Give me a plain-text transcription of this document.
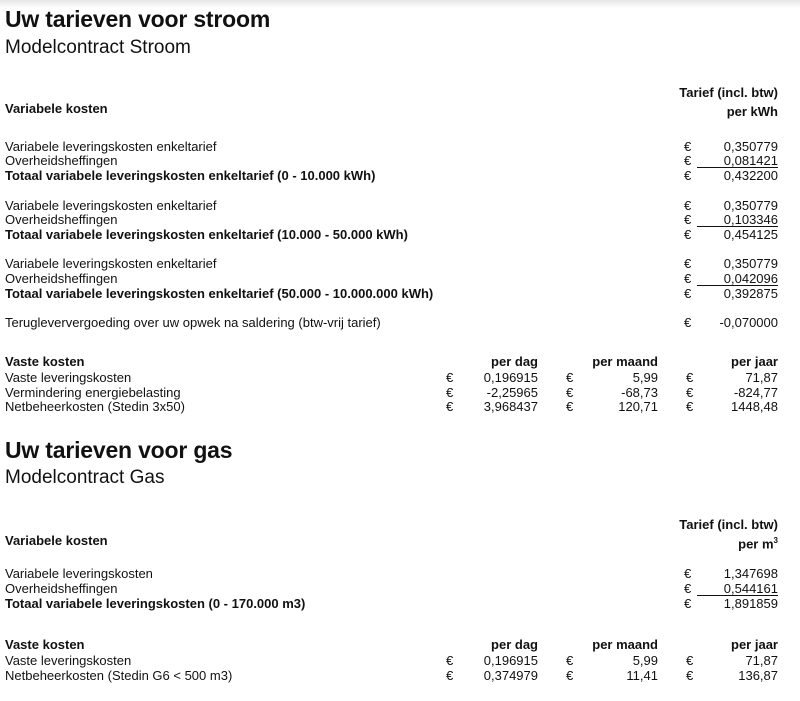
Uw tarieven voor stroom
Modelcontract Stroom
Tarief (incl. btw)
per kWh
Variabele kosten
Variabele leveringskosten enkeltarief	€	0,350779
Overheidsheffingen	€	0,081421
Totaal variabele leveringskosten enkeltarief (0 - 10.000 kWh)	€	0,432200
Variabele leveringskosten enkeltarief	€	0,350779
Overheidsheffingen	€	0,103346
Totaal variabele leveringskosten enkeltarief (10.000 - 50.000 kWh)	€	0,454125
Variabele leveringskosten enkeltarief	€	0,350779
Overheidsheffingen	€	0,042096
Totaal variabele leveringskosten enkeltarief (50.000 - 10.000.000 kWh)	€	0,392875
Terugleververgoeding over uw opwek na saldering (btw-vrij tarief)	€ -0,070000
Vaste kosten	per dag	per maand	per jaar
Vaste leveringskosten	€ 0,196915 €	5,99 €	71,87
Vermindering energiebelasting	€	-2,25965 €	-68,73 €	-824,77
Netbeheerkosten (Stedin 3x50)	€ 3,968437 €	120,71 €	1448,48
Uw tarieven voor gas
Modelcontract Gas
Tarief (incl. btw)
per $m^3$
Variabele kosten
Variabele leveringskosten	€	1,347698
Overheidsheffingen	€	0,544161
Totaal variabele leveringskosten (0 - 170.000 m3)	€	1,891859
Vaste kosten	per dag	per maand	per jaar
Vaste leveringskosten	€ 0,196915 €	5,99 €	71,87
Netbeheerkosten (Stedin G6 < 500 m3)	€ 0,374979 €	11,41 €	136,87
